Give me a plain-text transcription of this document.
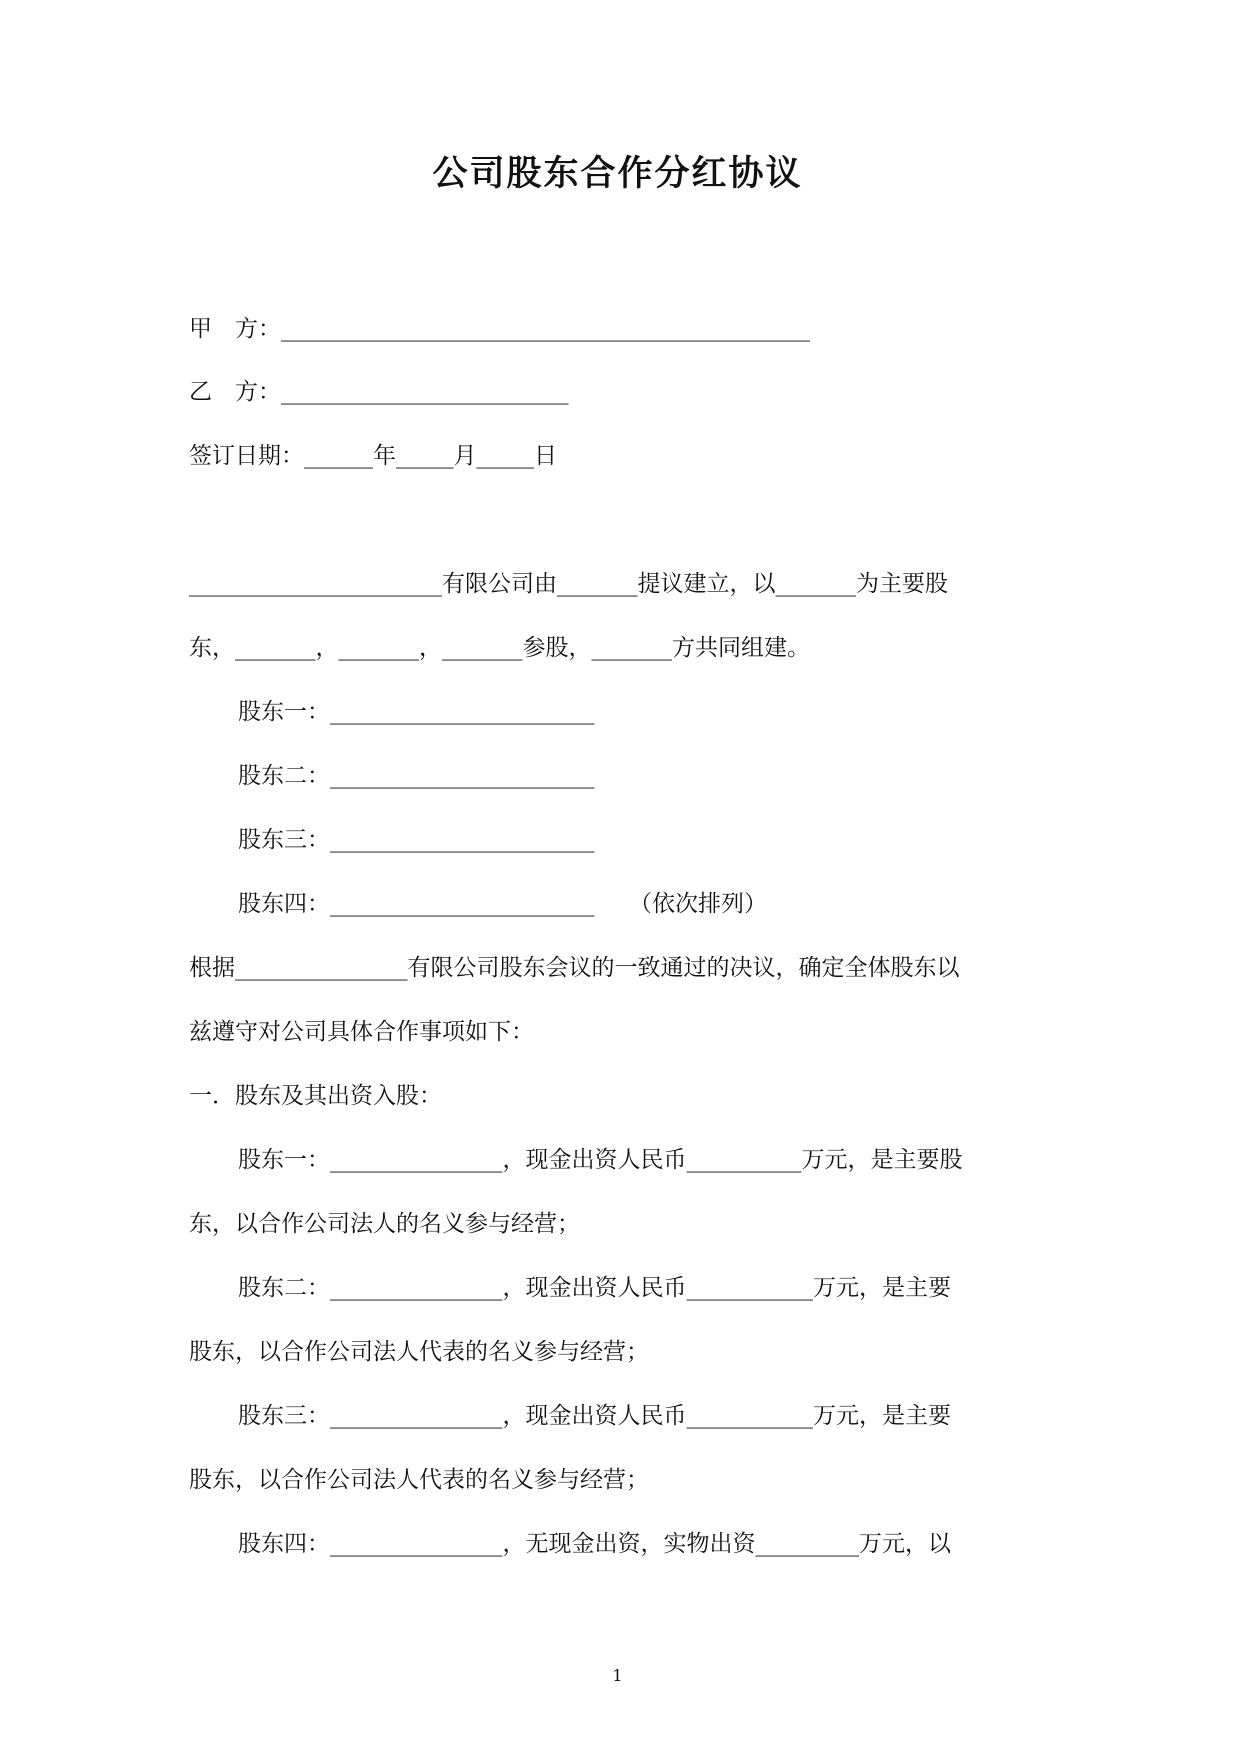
公司股东合作分红协议

甲　方：______________________________________________

乙　方：_________________________

签订日期：______年_____月_____日

______________________有限公司由_______提议建立，以_______为主要股

东，_______，_______，_______参股，_______方共同组建。

股东一：_______________________

股东二：_______________________

股东三：_______________________

股东四：_______________________　　（依次排列）

根据_______________有限公司股东会议的一致通过的决议，确定全体股东以

兹遵守对公司具体合作事项如下：

一．股东及其出资入股：

股东一：_______________，现金出资人民币__________万元，是主要股

东，以合作公司法人的名义参与经营；

股东二：_______________，现金出资人民币___________万元，是主要

股东，以合作公司法人代表的名义参与经营；

股东三：_______________，现金出资人民币___________万元，是主要

股东，以合作公司法人代表的名义参与经营；

股东四：_______________，无现金出资，实物出资_________万元，以

1
